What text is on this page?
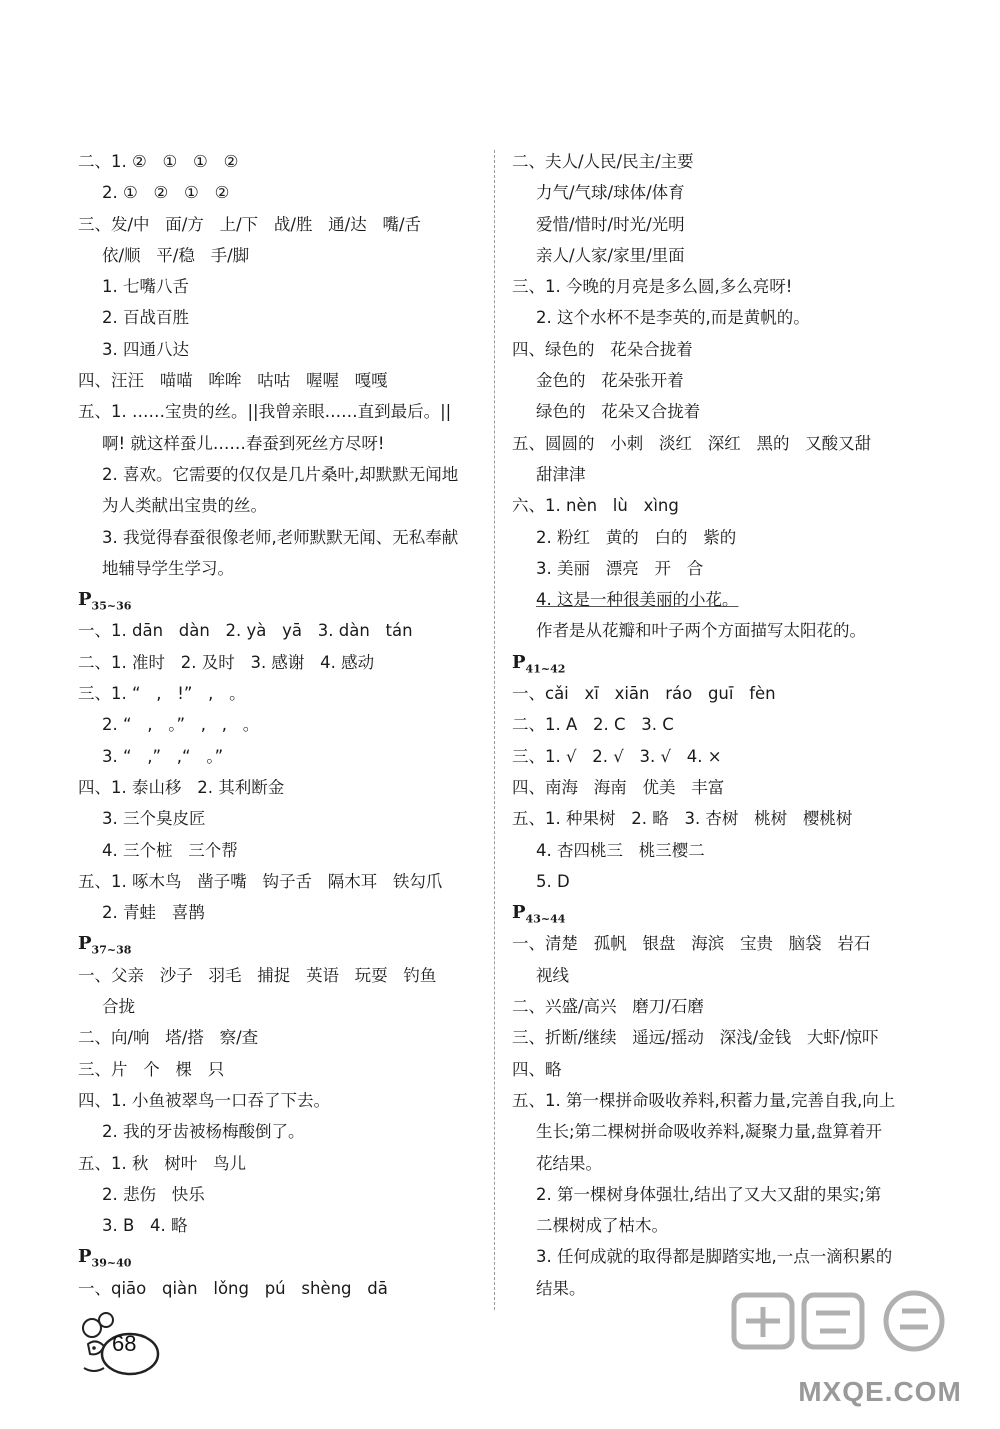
二、1. ②   ①   ①   ②
2. ①   ②   ①   ②
三、发/中   面/方   上/下   战/胜   通/达   嘴/舌
依/顺   平/稳   手/脚
1. 七嘴八舌
2. 百战百胜
3. 四通八达
四、汪汪   喵喵   哞哞   咕咕   喔喔   嘎嘎
五、1. ……宝贵的丝。||我曾亲眼……直到最后。||
啊! 就这样蚕儿……春蚕到死丝方尽呀!
2. 喜欢。它需要的仅仅是几片桑叶,却默默无闻地
为人类献出宝贵的丝。
3. 我觉得春蚕很像老师,老师默默无闻、无私奉献
地辅导学生学习。
$P_{35\sim 36}$
一、1. dān   dàn   2. yà   yā   3. dàn   tán
二、1. 准时   2. 及时   3. 感谢   4. 感动
三、1. “   ,   !”   ,   。
2. “   ,   。”   ,   ,   。
3. “   ,”   ,“   。”
四、1. 泰山移   2. 其利断金
3. 三个臭皮匠
4. 三个桩   三个帮
五、1. 啄木鸟   凿子嘴   钩子舌   隔木耳   铁勾爪
2. 青蛙   喜鹊
$P_{37\sim 38}$
一、父亲   沙子   羽毛   捕捉   英语   玩耍   钓鱼
合拢
二、向/响   塔/搭   察/查
三、片   个   棵   只
四、1. 小鱼被翠鸟一口吞了下去。
2. 我的牙齿被杨梅酸倒了。
五、1. 秋   树叶   鸟儿
2. 悲伤   快乐
3. B   4. 略
$P_{39\sim 40}$
一、qiāo   qiàn   lǒng   pú   shèng   dā
二、夫人/人民/民主/主要
力气/气球/球体/体育
爱惜/惜时/时光/光明
亲人/人家/家里/里面
三、1. 今晚的月亮是多么圆,多么亮呀!
2. 这个水杯不是李英的,而是黄帆的。
四、绿色的   花朵合拢着
金色的   花朵张开着
绿色的   花朵又合拢着
五、圆圆的   小刺   淡红   深红   黑的   又酸又甜
甜津津
六、1. nèn   lù   xìng
2. 粉红   黄的   白的   紫的
3. 美丽   漂亮   开   合
4. 这是一种很美丽的小花。
作者是从花瓣和叶子两个方面描写太阳花的。
$P_{41\sim 42}$
一、cǎi   xī   xiān   ráo   guī   fèn
二、1. A   2. C   3. C
三、1. √   2. √   3. √   4. ×
四、南海   海南   优美   丰富
五、1. 种果树   2. 略   3. 杏树   桃树   樱桃树
4. 杏四桃三   桃三樱二
5. D
$P_{43\sim 44}$
一、清楚   孤帆   银盘   海滨   宝贵   脑袋   岩石
视线
二、兴盛/高兴   磨刀/石磨
三、折断/继续   遥远/摇动   深浅/金钱   大虾/惊吓
四、略
五、1. 第一棵拼命吸收养料,积蓄力量,完善自我,向上
生长;第二棵树拼命吸收养料,凝聚力量,盘算着开
花结果。
2. 第一棵树身体强壮,结出了又大又甜的果实;第
二棵树成了枯木。
3. 任何成就的取得都是脚踏实地,一点一滴积累的
结果。
68
MXQE.COM
